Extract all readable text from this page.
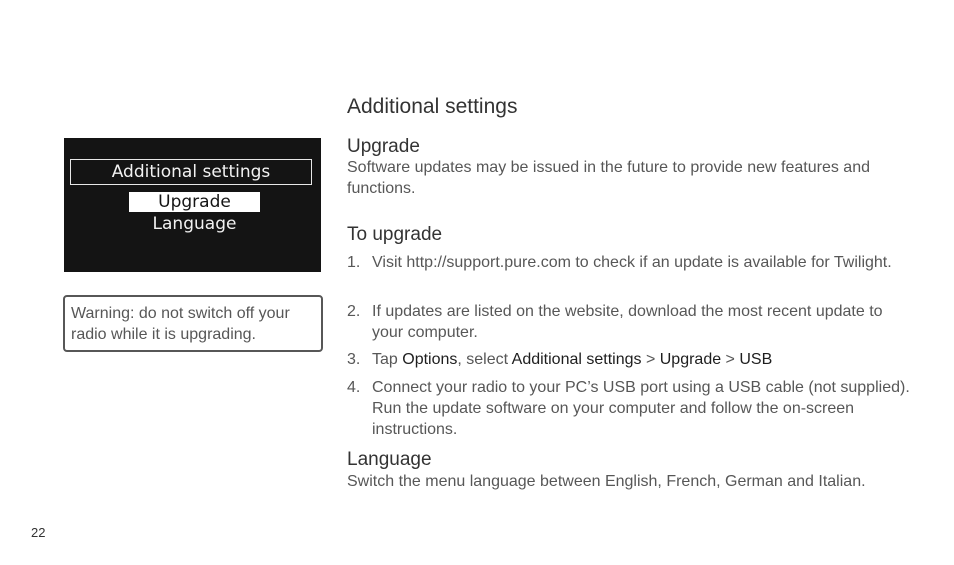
Additional settings
Upgrade
Language
Warning: do not switch off your radio while it is upgrading.
Additional settings
Upgrade
Software updates may be issued in the future to provide new features and functions.
To upgrade
1. Visit http://support.pure.com to check if an update is available for Twilight.
2. If updates are listed on the website, download the most recent update to your computer.
3. Tap Options, select Additional settings > Upgrade > USB
4. Connect your radio to your PC’s USB port using a USB cable (not supplied). Run the update software on your computer and follow the on-screen instructions.
Language
Switch the menu language between English, French, German and Italian.
22
